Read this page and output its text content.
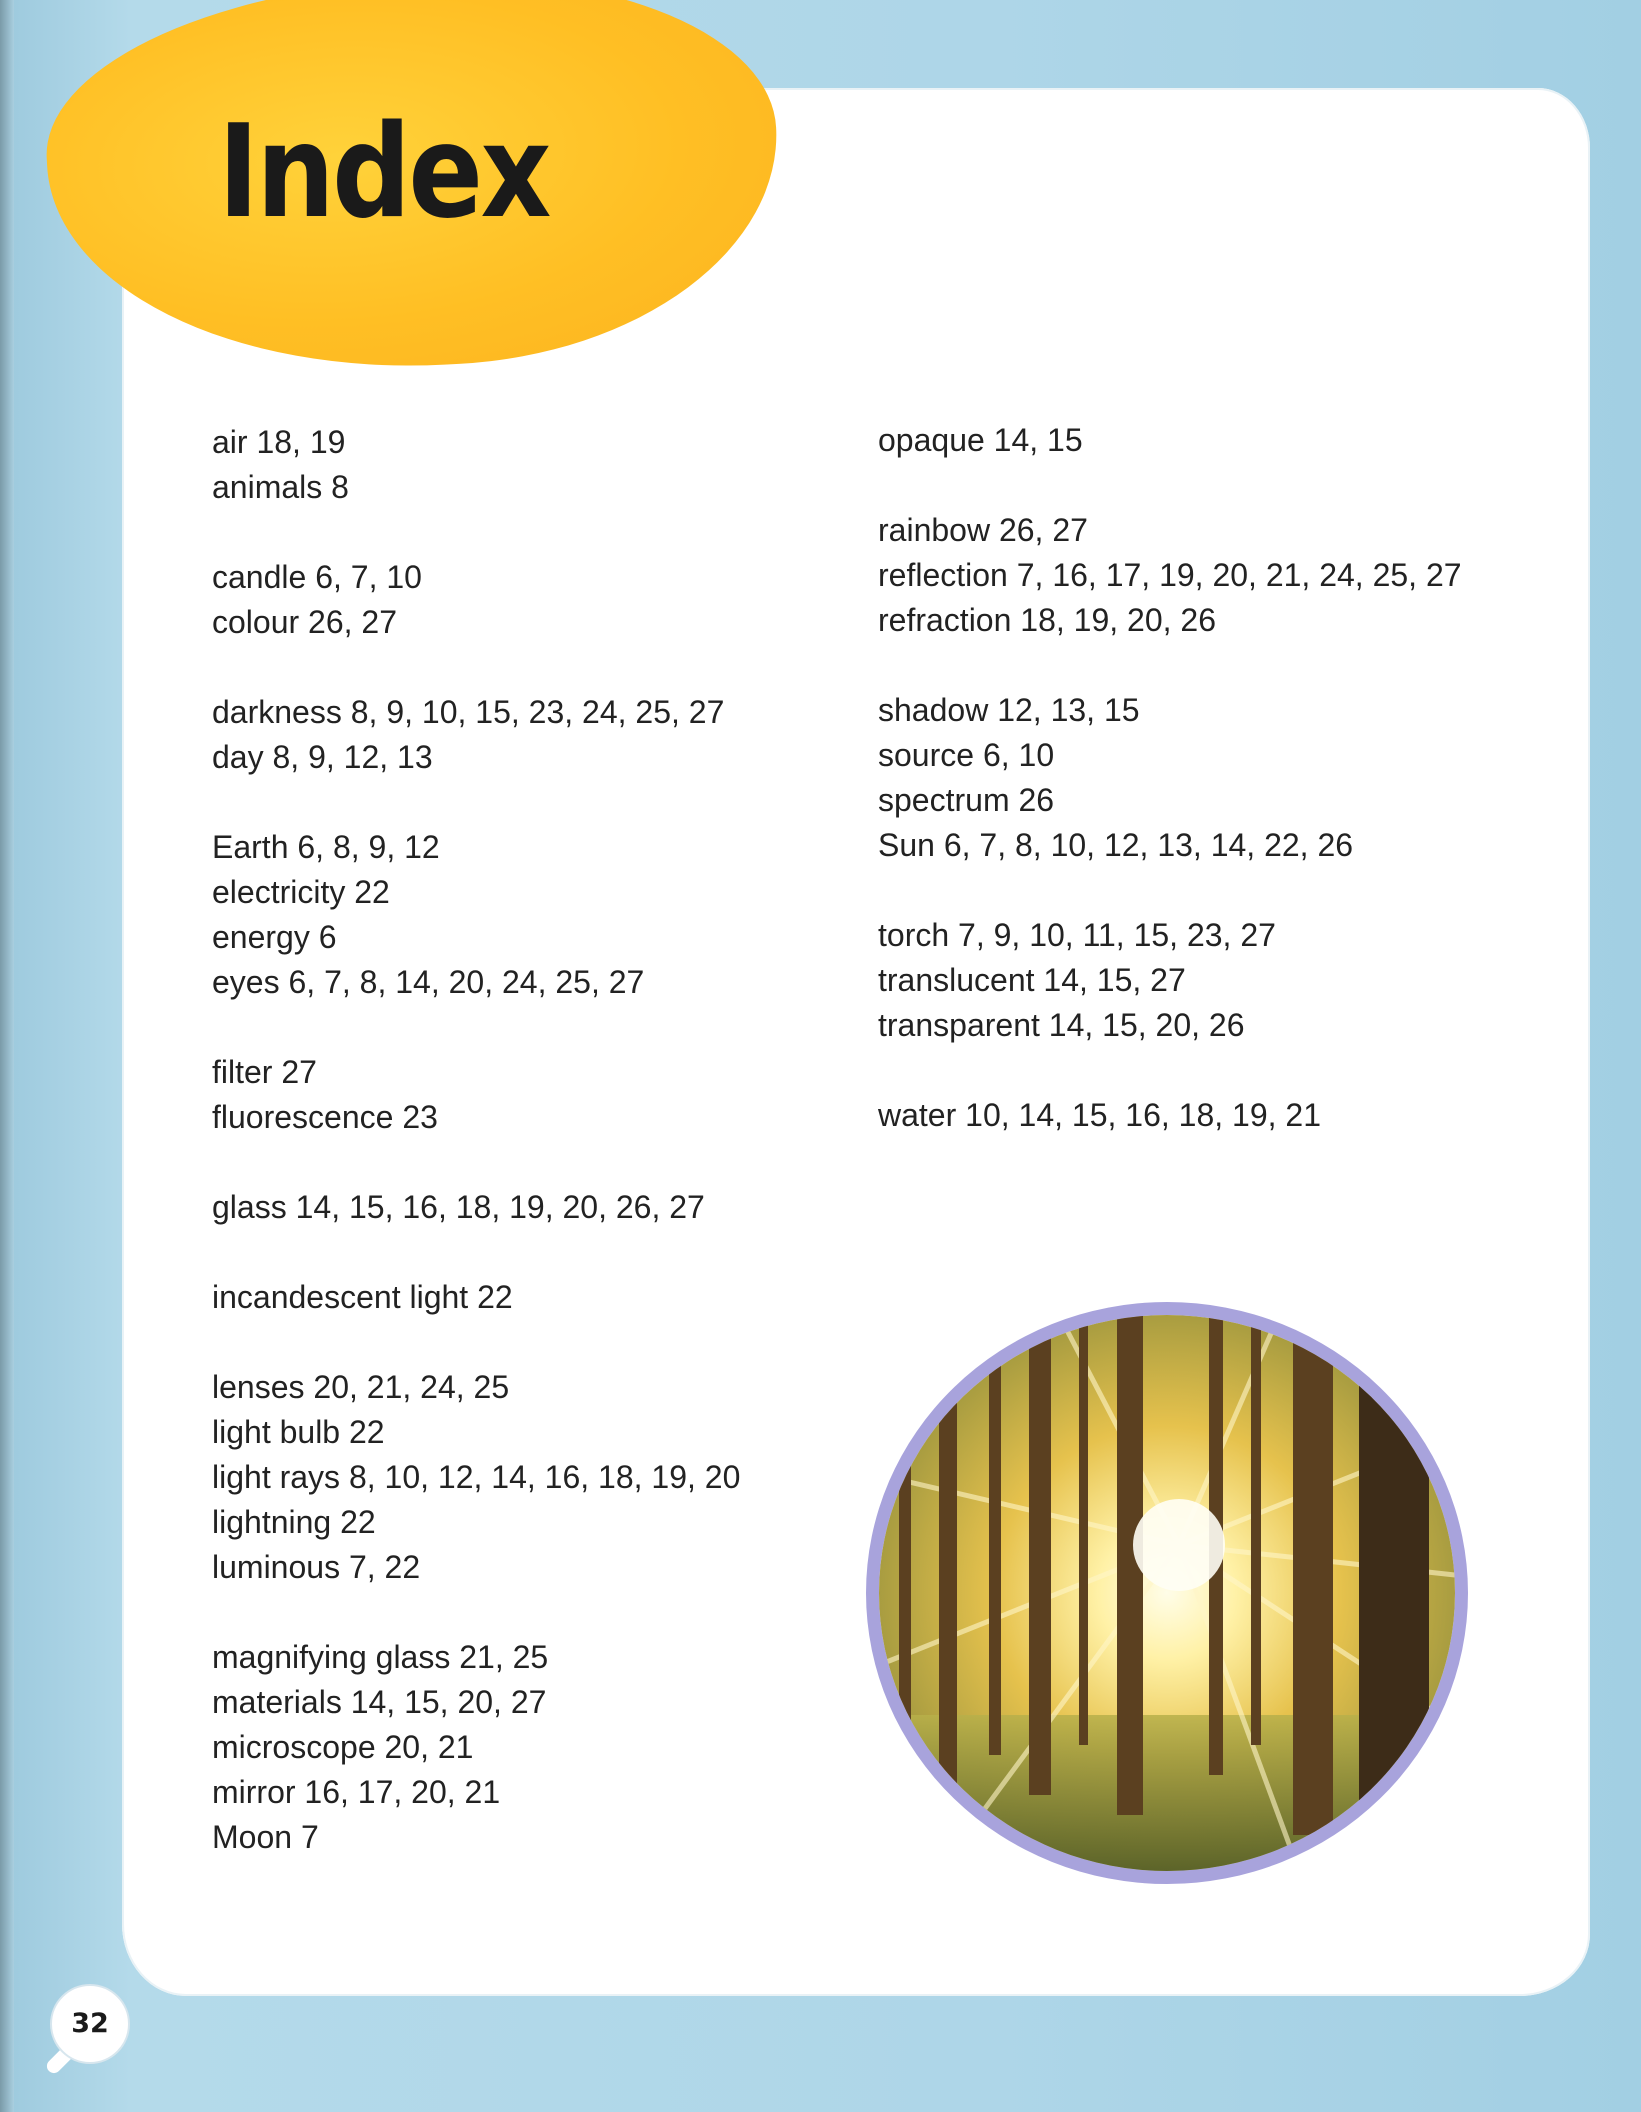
Index
air 18, 19
animals 8
candle 6, 7, 10
colour 26, 27
darkness 8, 9, 10, 15, 23, 24, 25, 27
day 8, 9, 12, 13
Earth 6, 8, 9, 12
electricity 22
energy 6
eyes 6, 7, 8, 14, 20, 24, 25, 27
filter 27
fluorescence 23
glass 14, 15, 16, 18, 19, 20, 26, 27
incandescent light 22
lenses 20, 21, 24, 25
light bulb 22
light rays 8, 10, 12, 14, 16, 18, 19, 20
lightning 22
luminous 7, 22
magnifying glass 21, 25
materials 14, 15, 20, 27
microscope 20, 21
mirror 16, 17, 20, 21
Moon 7
opaque 14, 15
rainbow 26, 27
reflection 7, 16, 17, 19, 20, 21, 24, 25, 27
refraction 18, 19, 20, 26
shadow 12, 13, 15
source 6, 10
spectrum 26
Sun 6, 7, 8, 10, 12, 13, 14, 22, 26
torch 7, 9, 10, 11, 15, 23, 27
translucent 14, 15, 27
transparent 14, 15, 20, 26
water 10, 14, 15, 16, 18, 19, 21
32
